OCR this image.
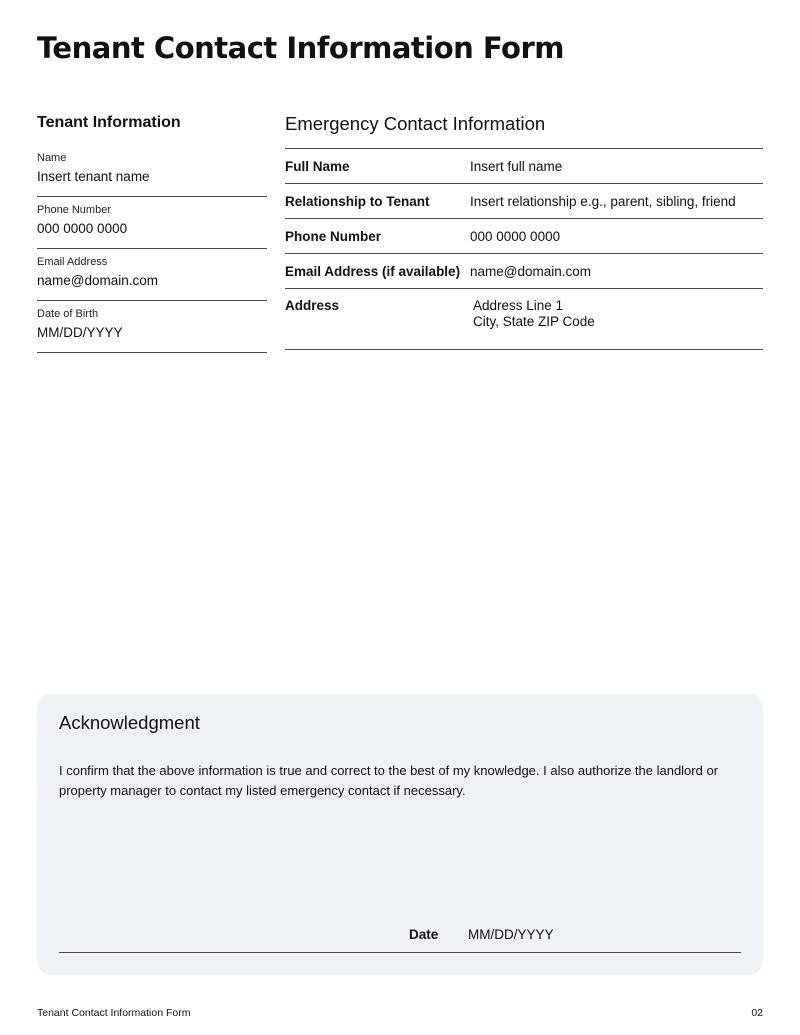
Tenant Contact Information Form
Tenant Information
Name
Insert tenant name
Phone Number
000 0000 0000
Email Address
name@domain.com
Date of Birth
MM/DD/YYYY
Emergency Contact Information
Full Name	Insert full name
Relationship to Tenant	Insert relationship e.g., parent, sibling, friend
Phone Number	000 0000 0000
Email Address (if available) name@domain.com
Address	Address Line 1
City, State ZIP Code
Acknowledgment

I confirm that the above information is true and correct to the best of my knowledge. I also authorize the landlord or property manager to contact my listed emergency contact if necessary.

Date MM/DD/YYYY
Tenant Contact Information Form	02
